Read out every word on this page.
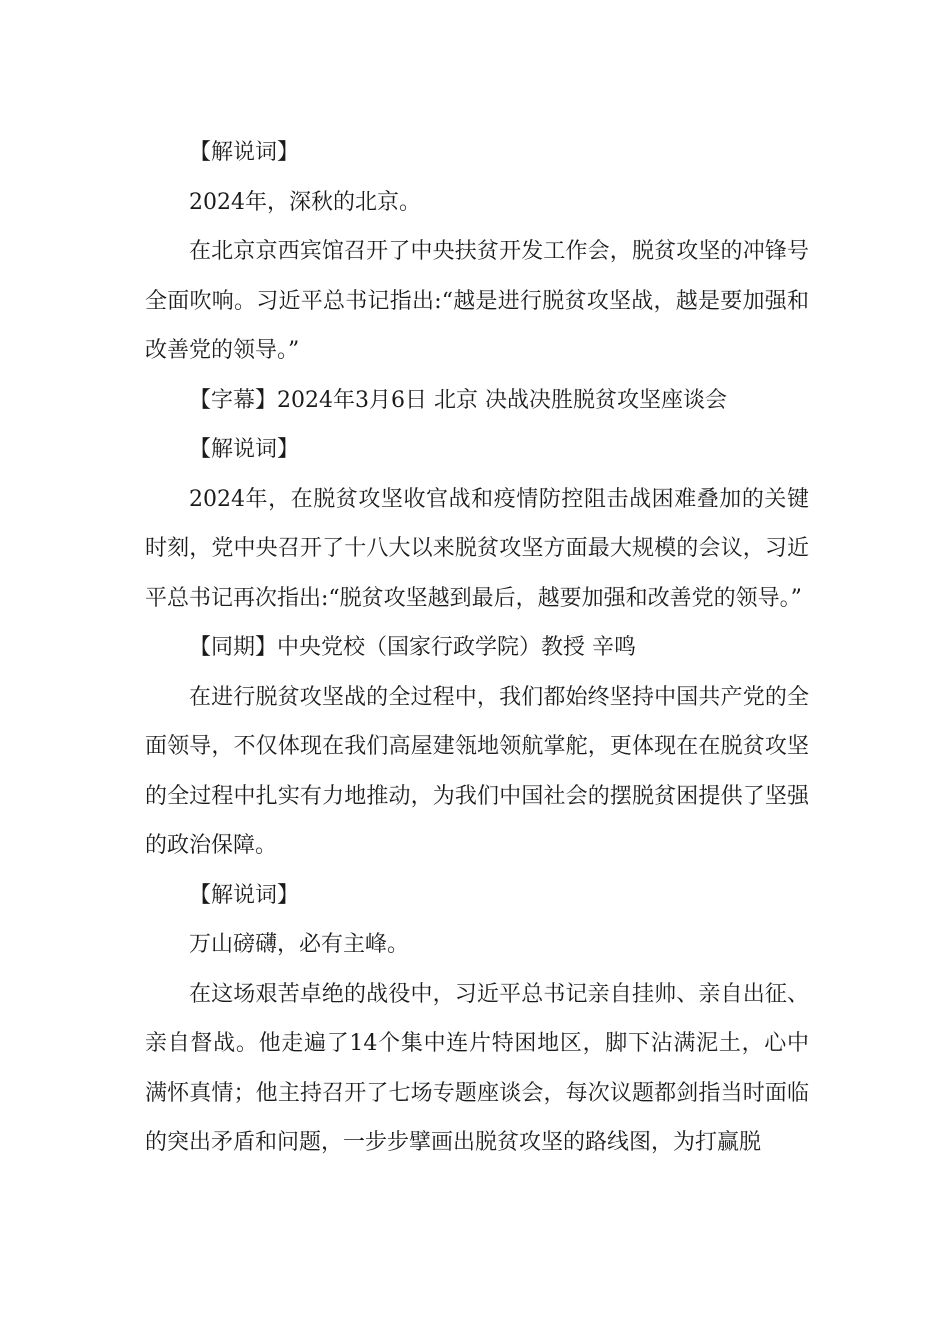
【解说词】

2024年，深秋的北京。

在北京京西宾馆召开了中央扶贫开发工作会，脱贫攻坚的冲锋号全面吹响。习近平总书记指出:“越是进行脱贫攻坚战，越是要加强和改善党的领导。”

【字幕】2024年3月6日 北京 决战决胜脱贫攻坚座谈会

【解说词】

2024年，在脱贫攻坚收官战和疫情防控阻击战困难叠加的关键时刻，党中央召开了十八大以来脱贫攻坚方面最大规模的会议，习近平总书记再次指出:“脱贫攻坚越到最后，越要加强和改善党的领导。”

【同期】中央党校（国家行政学院）教授 辛鸣

在进行脱贫攻坚战的全过程中，我们都始终坚持中国共产党的全面领导，不仅体现在我们高屋建瓴地领航掌舵，更体现在在脱贫攻坚的全过程中扎实有力地推动，为我们中国社会的摆脱贫困提供了坚强的政治保障。

【解说词】

万山磅礴，必有主峰。

在这场艰苦卓绝的战役中，习近平总书记亲自挂帅、亲自出征、亲自督战。他走遍了14个集中连片特困地区，脚下沾满泥土，心中满怀真情；他主持召开了七场专题座谈会，每次议题都剑指当时面临的突出矛盾和问题，一步步擘画出脱贫攻坚的路线图，为打赢脱
